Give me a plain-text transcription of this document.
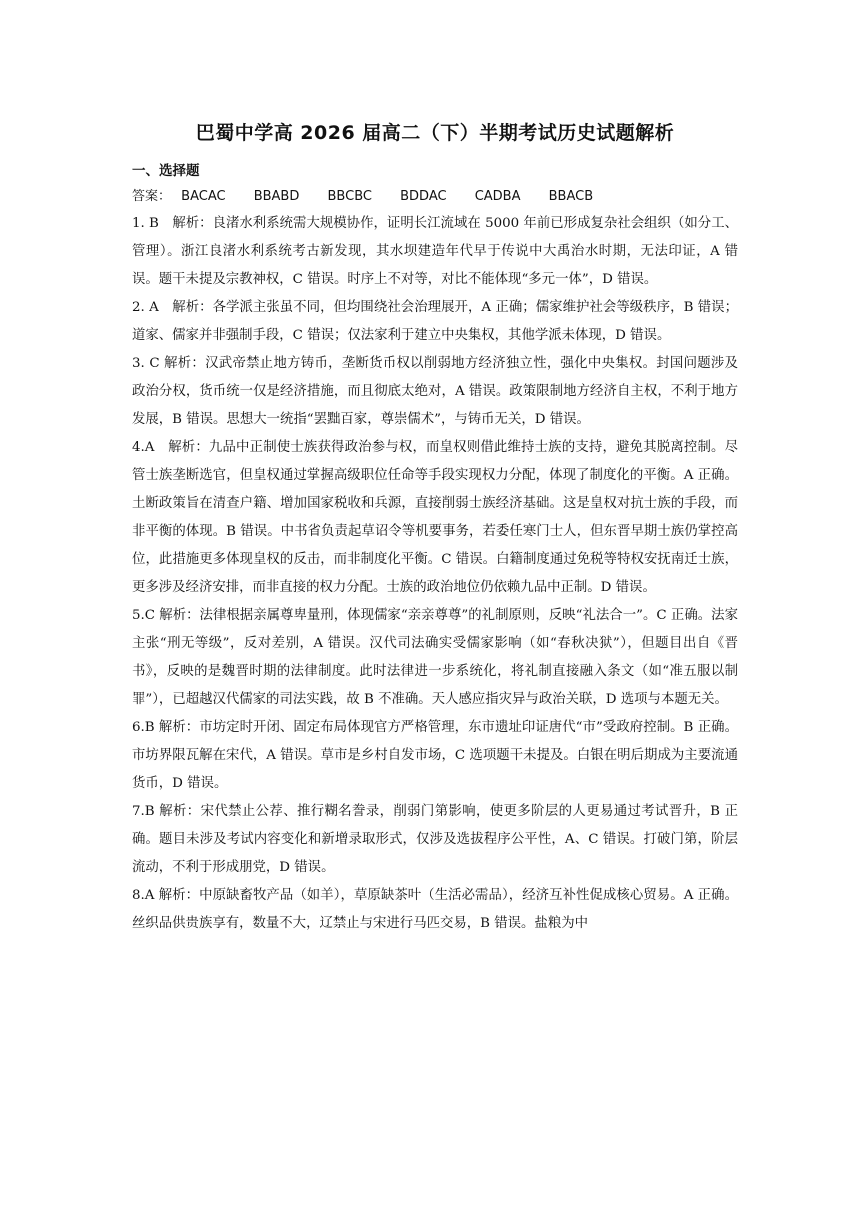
巴蜀中学高 2026 届高二（下）半期考试历史试题解析
一、选择题
答案： BACAC BBABD BBCBC BDDAC CADBA BBACB

1. B　解析：良渚水利系统需大规模协作，证明长江流域在 5000 年前已形成复杂社会组织（如分工、管理）。浙江良渚水利系统考古新发现，其水坝建造年代早于传说中大禹治水时期，无法印证，A 错误。题干未提及宗教神权，C 错误。时序上不对等，对比不能体现“多元一体”，D 错误。

2. A　解析：各学派主张虽不同，但均围绕社会治理展开，A 正确；儒家维护社会等级秩序，B 错误；道家、儒家并非强制手段，C 错误；仅法家利于建立中央集权，其他学派未体现，D 错误。

3. C 解析：汉武帝禁止地方铸币，垄断货币权以削弱地方经济独立性，强化中央集权。封国问题涉及政治分权，货币统一仅是经济措施，而且彻底太绝对，A 错误。政策限制地方经济自主权，不利于地方发展，B 错误。思想大一统指“罢黜百家，尊崇儒术”，与铸币无关，D 错误。

4.A　解析：九品中正制使士族获得政治参与权，而皇权则借此维持士族的支持，避免其脱离控制。尽管士族垄断选官，但皇权通过掌握高级职位任命等手段实现权力分配，体现了制度化的平衡。A 正确。土断政策旨在清查户籍、增加国家税收和兵源，直接削弱士族经济基础。这是皇权对抗士族的手段，而非平衡的体现。B 错误。中书省负责起草诏令等机要事务，若委任寒门士人，但东晋早期士族仍掌控高位，此措施更多体现皇权的反击，而非制度化平衡。C 错误。白籍制度通过免税等特权安抚南迁士族，更多涉及经济安排，而非直接的权力分配。士族的政治地位仍依赖九品中正制。D 错误。

5.C 解析：法律根据亲属尊卑量刑，体现儒家“亲亲尊尊”的礼制原则，反映“礼法合一”。C 正确。法家主张“刑无等级”，反对差别，A 错误。汉代司法确实受儒家影响（如“春秋决狱”），但题目出自《晋书》，反映的是魏晋时期的法律制度。此时法律进一步系统化，将礼制直接融入条文（如“准五服以制罪”），已超越汉代儒家的司法实践，故 B 不准确。天人感应指灾异与政治关联，D 选项与本题无关。

6.B 解析：市坊定时开闭、固定布局体现官方严格管理，东市遗址印证唐代“市”受政府控制。B 正确。市坊界限瓦解在宋代，A 错误。草市是乡村自发市场，C 选项题干未提及。白银在明后期成为主要流通货币，D 错误。

7.B 解析：宋代禁止公荐、推行糊名誊录，削弱门第影响，使更多阶层的人更易通过考试晋升，B 正确。题目未涉及考试内容变化和新增录取形式，仅涉及选拔程序公平性，A、C 错误。打破门第，阶层流动，不利于形成朋党，D 错误。

8.A 解析：中原缺畜牧产品（如羊），草原缺茶叶（生活必需品），经济互补性促成核心贸易。A 正确。丝织品供贵族享有，数量不大，辽禁止与宋进行马匹交易，B 错误。盐粮为中
